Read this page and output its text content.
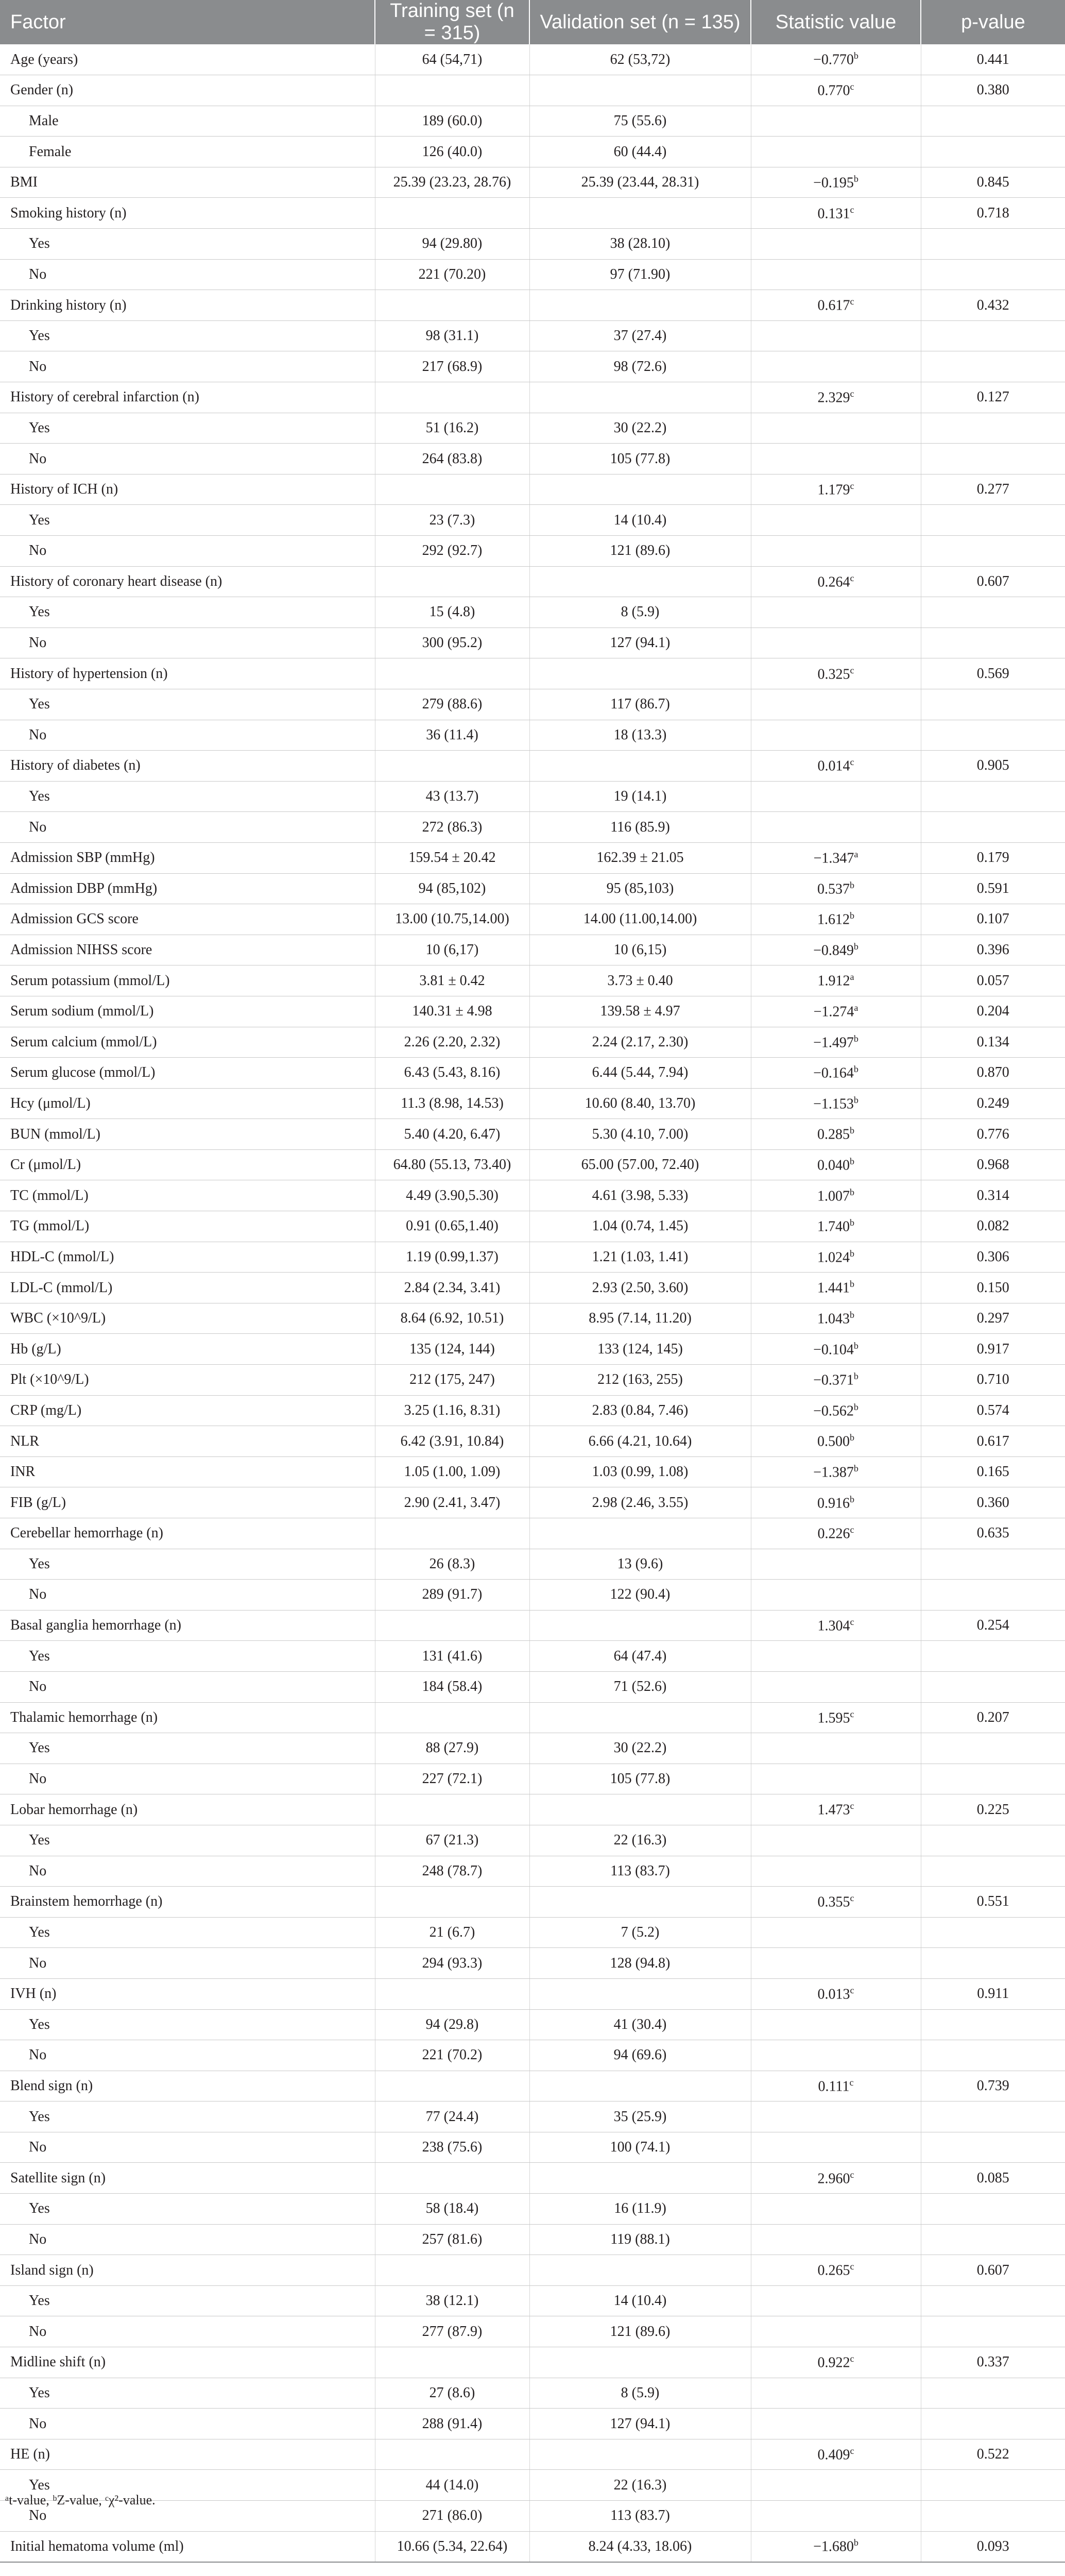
Factor	Training set (n = 315)	Validation set (n = 135)	Statistic value	p-value
Age (years)	64 (54,71)	62 (53,72)	−0.770$^b$	0.441
Gender (n)			0.770$^c$	0.380
Male	189 (60.0)	75 (55.6)		
Female	126 (40.0)	60 (44.4)		
BMI	25.39 (23.23, 28.76)	25.39 (23.44, 28.31)	−0.195$^b$	0.845
Smoking history (n)			0.131$^c$	0.718
Yes	94 (29.80)	38 (28.10)		
No	221 (70.20)	97 (71.90)		
Drinking history (n)			0.617$^c$	0.432
Yes	98 (31.1)	37 (27.4)		
No	217 (68.9)	98 (72.6)		
History of cerebral infarction (n)			2.329$^c$	0.127
Yes	51 (16.2)	30 (22.2)		
No	264 (83.8)	105 (77.8)		
History of ICH (n)			1.179$^c$	0.277
Yes	23 (7.3)	14 (10.4)		
No	292 (92.7)	121 (89.6)		
History of coronary heart disease (n)			0.264$^c$	0.607
Yes	15 (4.8)	8 (5.9)		
No	300 (95.2)	127 (94.1)		
History of hypertension (n)			0.325$^c$	0.569
Yes	279 (88.6)	117 (86.7)		
No	36 (11.4)	18 (13.3)		
History of diabetes (n)			0.014$^c$	0.905
Yes	43 (13.7)	19 (14.1)		
No	272 (86.3)	116 (85.9)		
Admission SBP (mmHg)	159.54 ± 20.42	162.39 ± 21.05	−1.347$^a$	0.179
Admission DBP (mmHg)	94 (85,102)	95 (85,103)	0.537$^b$	0.591
Admission GCS score	13.00 (10.75,14.00)	14.00 (11.00,14.00)	1.612$^b$	0.107
Admission NIHSS score	10 (6,17)	10 (6,15)	−0.849$^b$	0.396
Serum potassium (mmol/L)	3.81 ± 0.42	3.73 ± 0.40	1.912$^a$	0.057
Serum sodium (mmol/L)	140.31 ± 4.98	139.58 ± 4.97	−1.274$^a$	0.204
Serum calcium (mmol/L)	2.26 (2.20, 2.32)	2.24 (2.17, 2.30)	−1.497$^b$	0.134
Serum glucose (mmol/L)	6.43 (5.43, 8.16)	6.44 (5.44, 7.94)	−0.164$^b$	0.870
Hcy (μmol/L)	11.3 (8.98, 14.53)	10.60 (8.40, 13.70)	−1.153$^b$	0.249
BUN (mmol/L)	5.40 (4.20, 6.47)	5.30 (4.10, 7.00)	0.285$^b$	0.776
Cr (μmol/L)	64.80 (55.13, 73.40)	65.00 (57.00, 72.40)	0.040$^b$	0.968
TC (mmol/L)	4.49 (3.90,5.30)	4.61 (3.98, 5.33)	1.007$^b$	0.314
TG (mmol/L)	0.91 (0.65,1.40)	1.04 (0.74, 1.45)	1.740$^b$	0.082
HDL-C (mmol/L)	1.19 (0.99,1.37)	1.21 (1.03, 1.41)	1.024$^b$	0.306
LDL-C (mmol/L)	2.84 (2.34, 3.41)	2.93 (2.50, 3.60)	1.441$^b$	0.150
WBC (×10^9/L)	8.64 (6.92, 10.51)	8.95 (7.14, 11.20)	1.043$^b$	0.297
Hb (g/L)	135 (124, 144)	133 (124, 145)	−0.104$^b$	0.917
Plt (×10^9/L)	212 (175, 247)	212 (163, 255)	−0.371$^b$	0.710
CRP (mg/L)	3.25 (1.16, 8.31)	2.83 (0.84, 7.46)	−0.562$^b$	0.574
NLR	6.42 (3.91, 10.84)	6.66 (4.21, 10.64)	0.500$^b$	0.617
INR	1.05 (1.00, 1.09)	1.03 (0.99, 1.08)	−1.387$^b$	0.165
FIB (g/L)	2.90 (2.41, 3.47)	2.98 (2.46, 3.55)	0.916$^b$	0.360
Cerebellar hemorrhage (n)			0.226$^c$	0.635
Yes	26 (8.3)	13 (9.6)		
No	289 (91.7)	122 (90.4)		
Basal ganglia hemorrhage (n)			1.304$^c$	0.254
Yes	131 (41.6)	64 (47.4)		
No	184 (58.4)	71 (52.6)		
Thalamic hemorrhage (n)			1.595$^c$	0.207
Yes	88 (27.9)	30 (22.2)		
No	227 (72.1)	105 (77.8)		
Lobar hemorrhage (n)			1.473$^c$	0.225
Yes	67 (21.3)	22 (16.3)		
No	248 (78.7)	113 (83.7)		
Brainstem hemorrhage (n)			0.355$^c$	0.551
Yes	21 (6.7)	7 (5.2)		
No	294 (93.3)	128 (94.8)		
IVH (n)			0.013$^c$	0.911
Yes	94 (29.8)	41 (30.4)		
No	221 (70.2)	94 (69.6)		
Blend sign (n)			0.111$^c$	0.739
Yes	77 (24.4)	35 (25.9)		
No	238 (75.6)	100 (74.1)		
Satellite sign (n)			2.960$^c$	0.085
Yes	58 (18.4)	16 (11.9)		
No	257 (81.6)	119 (88.1)		
Island sign (n)			0.265$^c$	0.607
Yes	38 (12.1)	14 (10.4)		
No	277 (87.9)	121 (89.6)		
Midline shift (n)			0.922$^c$	0.337
Yes	27 (8.6)	8 (5.9)		
No	288 (91.4)	127 (94.1)		
HE (n)			0.409$^c$	0.522
Yes	44 (14.0)	22 (16.3)		
No	271 (86.0)	113 (83.7)		
Initial hematoma volume (ml)	10.66 (5.34, 22.64)	8.24 (4.33, 18.06)	−1.680$^b$	0.093
ᵃt-value, ᵇZ-value, ᶜχ²-value.
